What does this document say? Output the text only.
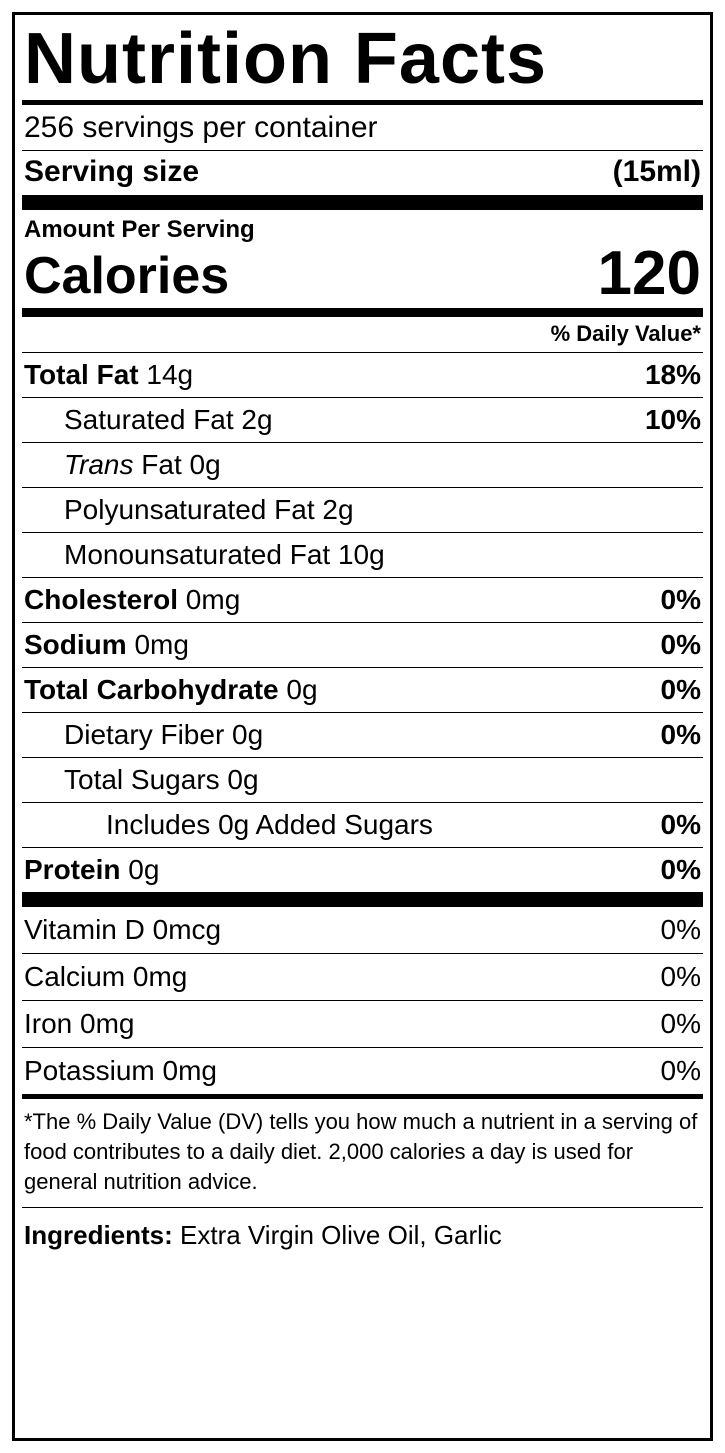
Nutrition Facts
256 servings per container
Serving size	(15ml)
Amount Per Serving
Calories	120
% Daily Value*
Total Fat 14g	18%
Saturated Fat 2g	10%
Trans Fat 0g
Polyunsaturated Fat 2g
Monounsaturated Fat 10g
Cholesterol 0mg	0%
Sodium 0mg	0%
Total Carbohydrate 0g	0%
Dietary Fiber 0g	0%
Total Sugars 0g
Includes 0g Added Sugars	0%
Protein 0g	0%
Vitamin D 0mcg	0%
Calcium 0mg	0%
Iron 0mg	0%
Potassium 0mg	0%
*The % Daily Value (DV) tells you how much a nutrient in a serving of food contributes to a daily diet. 2,000 calories a day is used for general nutrition advice.
Ingredients: Extra Virgin Olive Oil, Garlic
